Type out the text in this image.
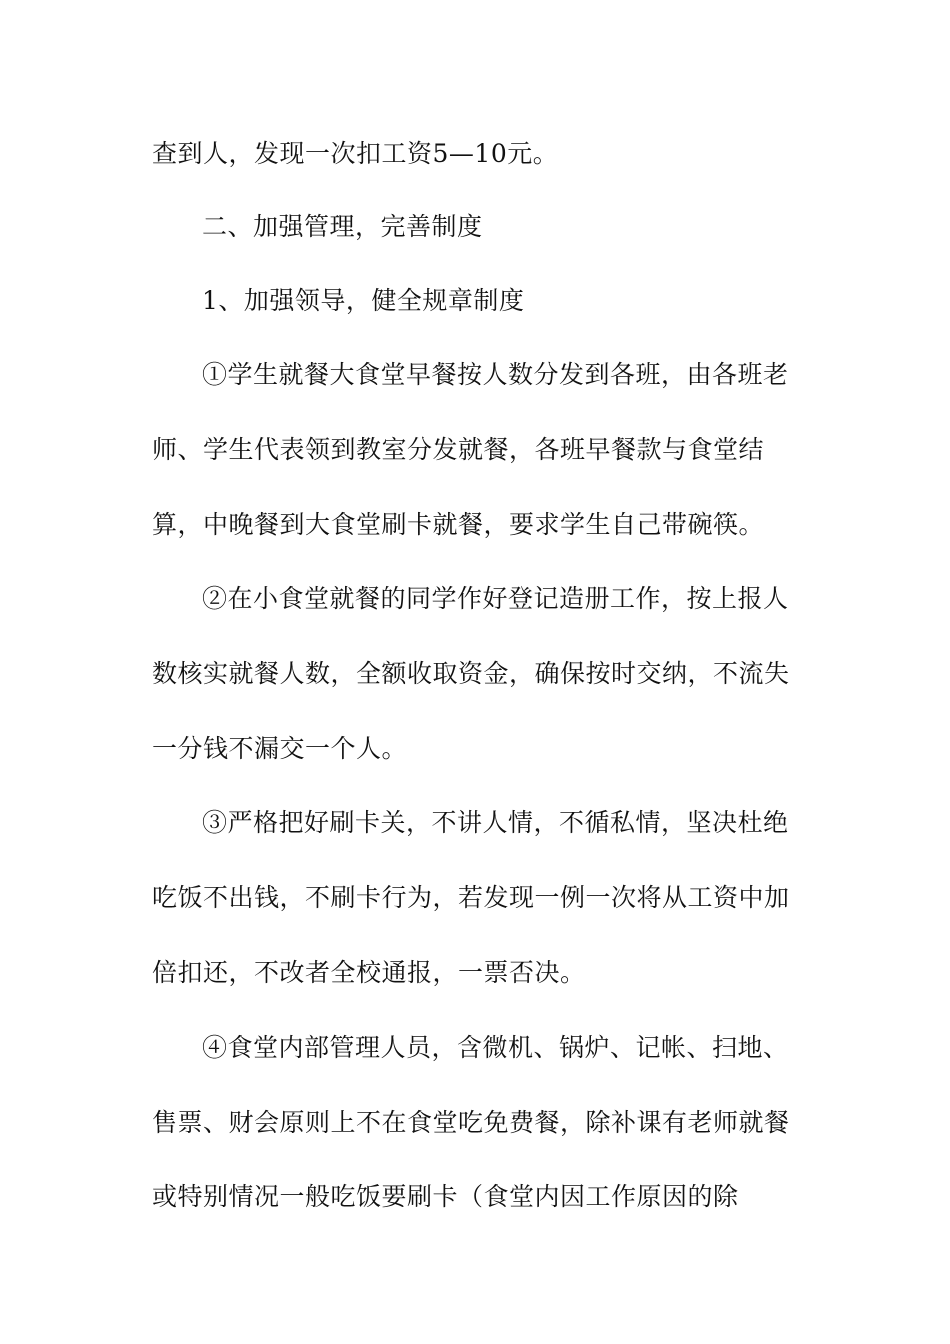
查到人，发现一次扣工资5—10元。
二、加强管理，完善制度
1、加强领导，健全规章制度
①学生就餐大食堂早餐按人数分发到各班，由各班老
师、学生代表领到教室分发就餐，各班早餐款与食堂结
算，中晚餐到大食堂刷卡就餐，要求学生自己带碗筷。
②在小食堂就餐的同学作好登记造册工作，按上报人
数核实就餐人数，全额收取资金，确保按时交纳，不流失
一分钱不漏交一个人。
③严格把好刷卡关，不讲人情，不循私情，坚决杜绝
吃饭不出钱，不刷卡行为，若发现一例一次将从工资中加
倍扣还，不改者全校通报，一票否决。
④食堂内部管理人员，含微机、锅炉、记帐、扫地、
售票、财会原则上不在食堂吃免费餐，除补课有老师就餐
或特别情况一般吃饭要刷卡（食堂内因工作原因的除
